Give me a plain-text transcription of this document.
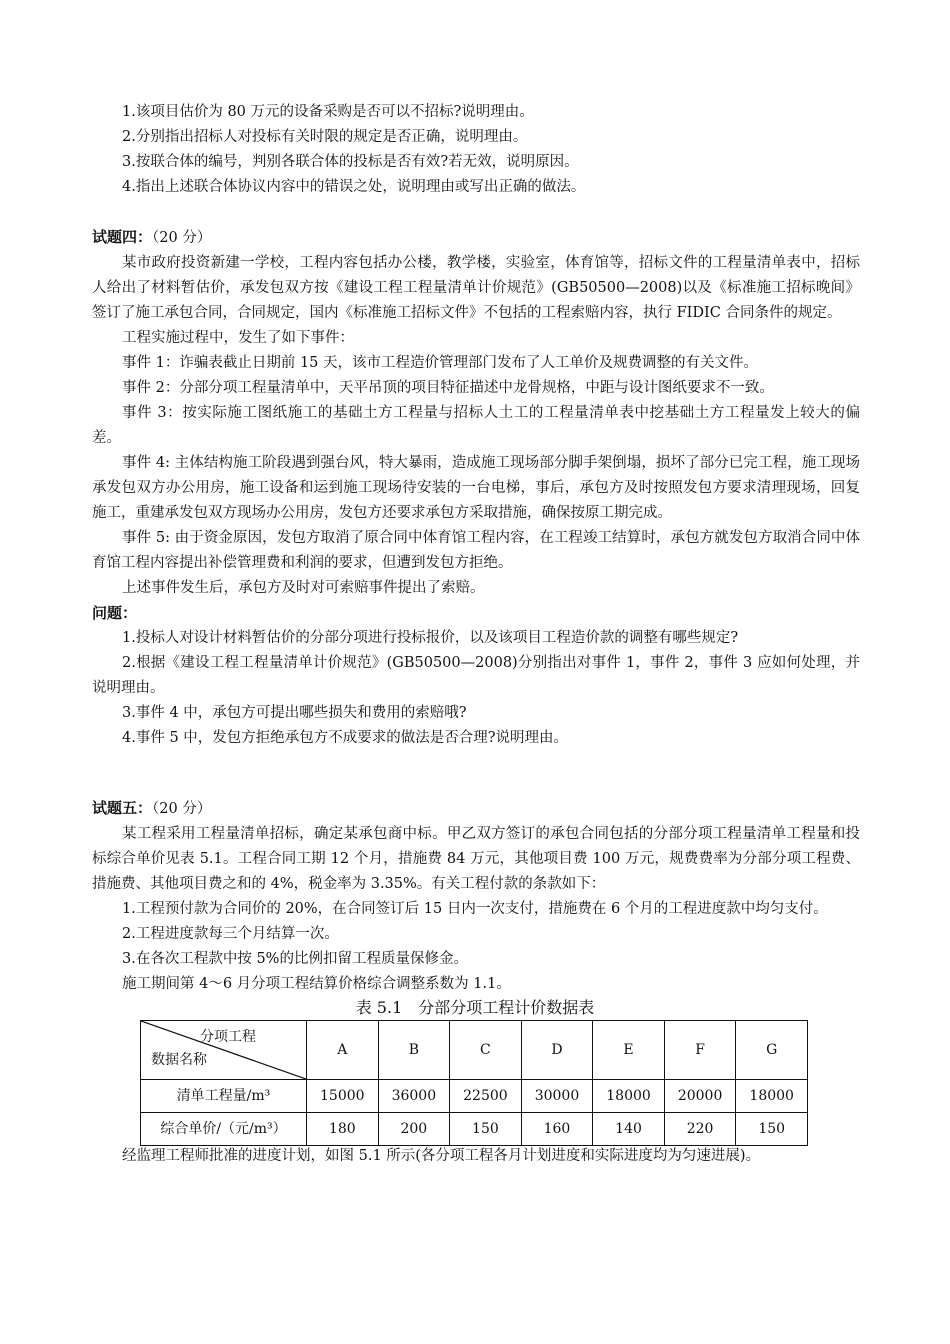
1.该项目估价为 80 万元的设备采购是否可以不招标?说明理由。

2.分别指出招标人对投标有关时限的规定是否正确，说明理由。

3.按联合体的编号，判别各联合体的投标是否有效?若无效，说明原因。

4.指出上述联合体协议内容中的错误之处，说明理由或写出正确的做法。

试题四：（20 分）

某市政府投资新建一学校，工程内容包括办公楼，教学楼，实验室，体育馆等，招标文件的工程量清单表中，招标人给出了材料暂估价，承发包双方按《建设工程工程量清单计价规范》(GB50500—2008)以及《标准施工招标晚间》签订了施工承包合同，合同规定，国内《标准施工招标文件》不包括的工程索赔内容，执行 FIDIC 合同条件的规定。

工程实施过程中，发生了如下事件：

事件 1：诈骗表截止日期前 15 天，该市工程造价管理部门发布了人工单价及规费调整的有关文件。

事件 2：分部分项工程量清单中，天平吊顶的项目特征描述中龙骨规格，中距与设计图纸要求不一致。

事件 3：按实际施工图纸施工的基础土方工程量与招标人土工的工程量清单表中挖基础土方工程量发上较大的偏差。

事件 4: 主体结构施工阶段遇到强台风，特大暴雨，造成施工现场部分脚手架倒塌，损坏了部分已完工程，施工现场承发包双方办公用房，施工设备和运到施工现场待安装的一台电梯，事后，承包方及时按照发包方要求清理现场，回复施工，重建承发包双方现场办公用房，发包方还要求承包方采取措施，确保按原工期完成。

事件 5: 由于资金原因，发包方取消了原合同中体育馆工程内容，在工程竣工结算时，承包方就发包方取消合同中体育馆工程内容提出补偿管理费和利润的要求，但遭到发包方拒绝。

上述事件发生后，承包方及时对可索赔事件提出了索赔。

问题：

1.投标人对设计材料暂估价的分部分项进行投标报价，以及该项目工程造价款的调整有哪些规定?

2.根据《建设工程工程量清单计价规范》(GB50500—2008)分别指出对事件 1，事件 2，事件 3 应如何处理，并说明理由。

3.事件 4 中，承包方可提出哪些损失和费用的索赔哦?

4.事件 5 中，发包方拒绝承包方不成要求的做法是否合理?说明理由。

试题五：（20 分）

某工程采用工程量清单招标，确定某承包商中标。甲乙双方签订的承包合同包括的分部分项工程量清单工程量和投标综合单价见表 5.1。工程合同工期 12 个月，措施费 84 万元，其他项目费 100 万元，规费费率为分部分项工程费、措施费、其他项目费之和的 4%，税金率为 3.35%。有关工程付款的条款如下：

1.工程预付款为合同价的 20%，在合同签订后 15 日内一次支付，措施费在 6 个月的工程进度款中均匀支付。

2.工程进度款每三个月结算一次。

3.在各次工程款中按 5%的比例扣留工程质量保修金。

施工期间第 4～6 月分项工程结算价格综合调整系数为 1.1。

表 5.1　分部分项工程计价数据表
分项工程
数据名称	A	B	C	D	E	F	G
清单工程量/m³	15000	36000	22500	30000	18000	20000	18000
综合单价/（元/m³）	180	200	150	160	140	220	150

经监理工程师批准的进度计划，如图 5.1 所示(各分项工程各月计划进度和实际进度均为匀速进展)。
